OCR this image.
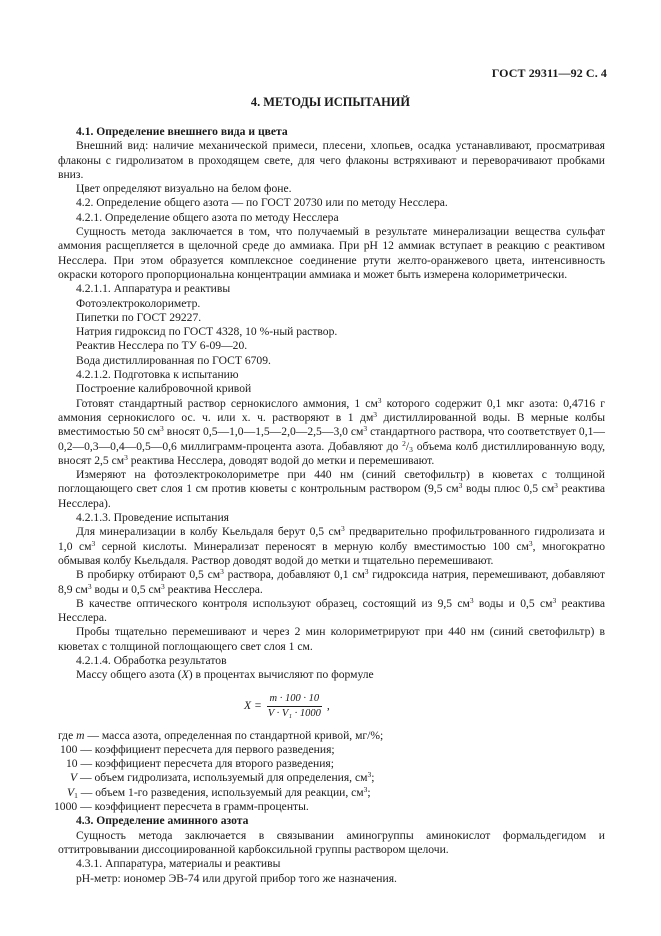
ГОСТ 29311—92 С. 4
4. МЕТОДЫ ИСПЫТАНИЙ

4.1. Определение внешнего вида и цвета

Внешний вид: наличие механической примеси, плесени, хлопьев, осадка устанавливают, просматривая флаконы с гидролизатом в проходящем свете, для чего флаконы встряхивают и переворачивают пробками вниз.

Цвет определяют визуально на белом фоне.

4.2. Определение общего азота — по ГОСТ 20730 или по методу Несслера.

4.2.1. Определение общего азота по методу Несслера

Сущность метода заключается в том, что получаемый в результате минерализации вещества сульфат аммония расщепляется в щелочной среде до аммиака. При pH 12 аммиак вступает в реакцию с реактивом Несслера. При этом образуется комплексное соединение ртути желто-оранжевого цвета, интенсивность окраски которого пропорциональна концентрации аммиака и может быть измерена колориметрически.

4.2.1.1. Аппаратура и реактивы

Фотоэлектроколориметр.

Пипетки по ГОСТ 29227.

Натрия гидроксид по ГОСТ 4328, 10 %-ный раствор.

Реактив Несслера по ТУ 6-09—20.

Вода дистиллированная по ГОСТ 6709.

4.2.1.2. Подготовка к испытанию

Построение калибровочной кривой

Готовят стандартный раствор сернокислого аммония, 1 $см^3$ которого содержит 0,1 мкг азота: 0,4716 г аммония сернокислого ос. ч. или х. ч. растворяют в 1 $дм^3$ дистиллированной воды. В мерные колбы вместимостью 50 $см^3$ вносят 0,5—1,0—1,5—2,0—2,5—3,0 $см^3$ стандартного раствора, что соответствует 0,1—0,2—0,3—0,4—0,5—0,6 миллиграмм-процента азота. Добавляют до $^2/_3$ объема колб дистиллированную воду, вносят 2,5 $см^3$ реактива Несслера, доводят водой до метки и перемешивают.

Измеряют на фотоэлектроколориметре при 440 нм (синий светофильтр) в кюветах с толщиной поглощающего свет слоя 1 см против кюветы с контрольным раствором (9,5 $см^3$ воды плюс 0,5 $см^3$ реактива Несслера).

4.2.1.3. Проведение испытания

Для минерализации в колбу Кьельдаля берут 0,5 $см^3$ предварительно профильтрованного гидролизата и 1,0 $см^3$ серной кислоты. Минерализат переносят в мерную колбу вместимостью 100 $см^3$, многократно обмывая колбу Кьельдаля. Раствор доводят водой до метки и тщательно перемешивают.

В пробирку отбирают 0,5 $см^3$ раствора, добавляют 0,1 $см^3$ гидроксида натрия, перемешивают, добавляют 8,9 $см^3$ воды и 0,5 $см^3$ реактива Несслера.

В качестве оптического контроля используют образец, состоящий из 9,5 $см^3$ воды и 0,5 $см^3$ реактива Несслера.

Пробы тщательно перемешивают и через 2 мин колориметрируют при 440 нм (синий светофильтр) в кюветах с толщиной поглощающего свет слоя 1 см.

4.2.1.4. Обработка результатов

Массу общего азота (X) в процентах вычисляют по формуле

$X = \frac{m \cdot 100 \cdot 10}{\text{V · V₁ · 1000}}$ ,

где m — масса азота, определенная по стандартной кривой, мг/%;

100 — коэффициент пересчета для первого разведения;

10 — коэффициент пересчета для второго разведения;

V — объем гидролизата, используемый для определения, $см^3$;

$V_1$ — объем 1-го разведения, используемый для реакции, $см^3$;

1000 — коэффициент пересчета в грамм-проценты.

4.3. Определение аминного азота

Сущность метода заключается в связывании аминогруппы аминокислот формальдегидом и оттитровывании диссоциированной карбоксильной группы раствором щелочи.

4.3.1. Аппаратура, материалы и реактивы

pH-метр: иономер ЭВ-74 или другой прибор того же назначения.
